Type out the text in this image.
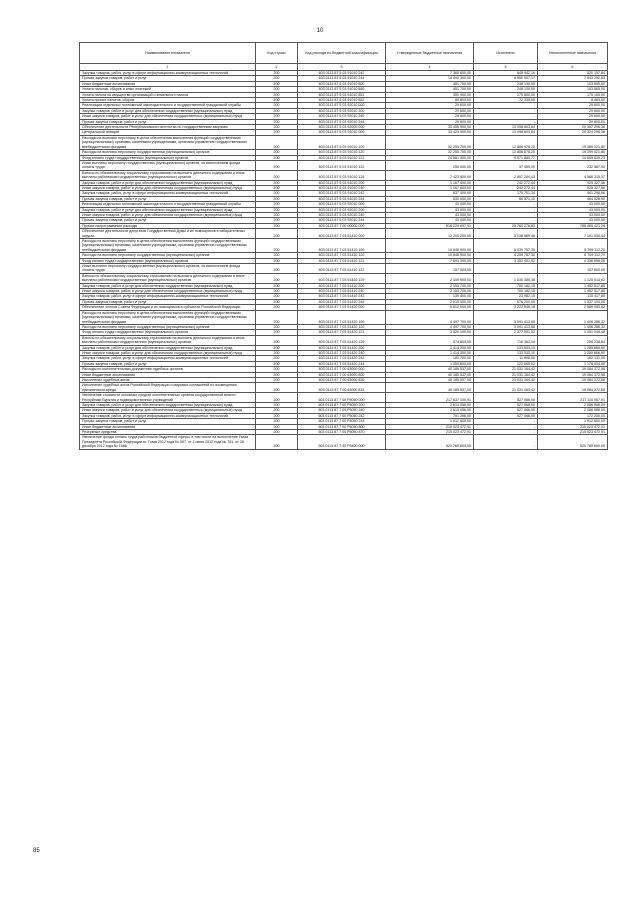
10
Наименование показателя	Код строки	Код расхода по бюджетной классификации	Утвержденные бюджетные назначения	Исполнено	Неисполненные назначения
1	2	3	4	5	6
Закупка товаров, работ, услуг в сфере информационно-коммуникационных технологий	200	603 0113 87 5 03 91010 242	7 365 600,00	845 442,16	520 157,84
Прочая закупка товаров, работ и услуг	200	603 0113 87 5 03 91010 244	14 493 300,00	6 550 007,17	7 943 292,83
Иные бюджетные ассигнования	200	603 0113 87 5 03 91010 800	451 700,00	248 130,00	103 565,00
Уплата налогов, сборов и иных платежей	200	603 0113 87 5 03 91010 850	451 700,00	248 130,00	103 565,00
Уплата налога на имущество организаций и земельного налога	200	603 0113 87 5 03 91010 851	350 900,00	175 800,00	175 100,00
Уплата прочих налогов, сборов	200	603 0113 87 5 03 91010 852	80 800,00	72 335,00	8 465,00
Реализация отдельных полномочий законодательного и государственной гражданской службы	200	603 0113 87 5 03 92010 000	29 600,00	-	29 600,00
Закупка товаров, работ и услуг для обеспечения государственных (муниципальных) нужд	200	603 0113 87 5 03 92010 200	29 600,00	-	29 600,00
Иные закупки товаров, работ и услуг для обеспечения государственных (муниципальных) нужд	200	603 0113 87 5 03 92010 240	29 600,00	-	29 600,00
Прочая закупка товаров, работ и услуг	200	603 0113 87 5 03 92010 244	29 600,00	-	29 600,00
Обеспечение деятельности Республиканского агентства по государственным закупкам	200	603 0113 87 5 03 92000 000	33 455 900,00	13 098 603,64	20 357 296,36
Центральный аппарат	200	603 0113 87 5 03 91010 000	33 423 900,00	13 098 603,64	20 324 296,36
Расходы на выплаты персоналу в целях обеспечения выполнения функций государственными (муниципальными) органами, казенными учреждениями, органами управления государственными внебюджетными фондами	200	603 0113 87 5 03 91010 100	32 255 700,00	12 866 978,20	19 389 021,80
Расходы на выплаты персоналу государственных (муниципальных) органов	200	603 0113 87 5 03 91010 120	32 255 700,00	12 856 578,20	19 399 021,80
Фонд оплаты труда государственных (муниципальных) органов	200	603 0113 87 5 03 91010 121	24 581 500,00	9 971 860,77	14 609 639,23
Иные выплаты персоналу государственных (муниципальных) органов, за исключением фонда оплаты труда	200	603 0113 87 5 03 91010 122	250 000,00	37 459,00	232 587,00
Взносы по обязательному социальному страхованию на выплаты денежного содержания и иные выплаты работникам государственных (муниципальных) органов	200	603 0113 87 5 03 91010 129	7 423 600,00	2 857 284,43	4 566 315,57
Закупка товаров, работ и услуг для обеспечения государственных (муниципальных) нужд	200	603 0113 87 5 03 91010 200	1 167 600,00	242 272,44	925 327,56
Иные закупки товаров, работ и услуг для обеспечения государственных (муниципальных) нужд	200	603 0113 87 5 03 91010 240	1 167 600,00	242 272,44	925 327,56
Закупка товаров, работ, услуг в сфере информационно-коммуникационных технологий	200	603 0113 87 5 03 91010 242	637 000,00	175 701,34	461 298,66
Прочая закупка товаров, работ и услуг	200	603 0113 87 5 03 91010 244	530 600,00	66 571,10	464 028,90
Реализация отдельных полномочий законодательного и государственной гражданской службы	200	603 0113 87 5 03 92010 000	43 000,00	-	43 000,00
Закупка товаров, работ и услуг для обеспечения государственных (муниципальных) нужд	200	603 0113 87 5 03 92010 200	43 000,00	-	43 000,00
Иные закупки товаров, работ и услуг для обеспечения государственных (муниципальных) нужд	200	603 0113 87 5 03 92010 240	43 000,00	-	43 000,00
Прочая закупка товаров, работ и услуг	200	603 0113 87 5 03 92010 244	43 000,00	-	43 000,00
Прочие непрограммные расходы	200	603 0113 87 7 00 00000 000	816 229 697,91	29 760 276,63	786 469 421,28
Обеспечение деятельности депутатов Государственной Думы и их помощников в избирательных округах	200	603 0113 87 7 03 51410 000	12 200 200,00	5 038 669,46	7 161 530,54
Расходы на выплаты персоналу в целях обеспечения выполнения функций государственными (муниципальными) органами, казенными учреждениями, органами управления государственными внебюджетными фондами	200	603 0113 87 7 03 51410 100	10 848 900,00	5 039 757,30	5 799 112,70
Расходы на выплаты персоналу государственных (муниципальных) органов	200	603 0113 87 7 03 51410 120	10 848 900,00	4 259 787,30	6 709 112,70
Фонд оплаты труда государственных (муниципальных) органов	200	603 0113 87 7 03 51410 121	7 691 300,00	3 352 401,92	4 338 898,08
Иные выплаты персоналу государственных (муниципальных) органов, за исключением фонда оплаты труда	200	603 0113 87 7 03 51410 122	157 000,00	-	157 000,00
Взносы по обязательному социальному страхованию на выплаты денежного содержания и иные выплаты работникам государственных (муниципальных) органов	200	603 0113 87 7 03 51410 129	2 150 900,00	1 030 385,38	1 120 514,62
Закупка товаров, работ и услуг для обеспечения государственных (муниципальных) нужд	200	603 0113 87 7 03 51410 200	2 153 700,00	700 182,15	1 452 517,85
Иные закупки товаров, работ и услуг для обеспечения государственных (муниципальных) нужд	200	603 0113 87 7 03 51410 240	2 153 700,00	700 182,15	1 452 517,85
Закупка товаров, работ, услуг в сфере информационно-коммуникационных технологий	200	603 0113 87 7 03 51410 242	139 400,00	23 982,15	115 417,85
Прочая закупка товаров, работ и услуг	200	603 0113 87 7 03 51410 244	2 015 300,00	676 200,00	1 337 100,00
Обеспечение членов Совета Федерации и их помощников в субъектах Российской Федерации	200	603 0113 87 7 03 51420 000	5 812 000,00	3 222 946,18	2 589 053,82
Расходы на выплаты персоналу в целях обеспечения выполнения функций государственными (муниципальными) органами, казенными учреждениями, органами управления государственными внебюджетными фондами	200	603 0113 87 7 03 51420 100	4 497 700,00	3 091 413,68	1 406 286,32
Расходы на выплаты персоналу государственных (муниципальных) органов	200	603 0113 87 7 03 51420 120	4 497 700,00	3 091 413,68	1 406 286,32
Фонд оплаты труда государственных (муниципальных) органов	200	603 0113 87 7 03 51420 121	3 520 100,00	2 377 051,52	1 151 048,48
Взносы по обязательному социальному страхованию на выплаты денежного содержания и иные выплаты работникам государственных (муниципальных) органов	200	603 0113 87 7 03 51420 129	974 600,00	716 362,16	258 238,84
Закупка товаров, работ и услуг для обеспечения государственных (муниципальных) нужд	200	603 0113 87 7 03 51420 200	1 414 300,00	133 533,10	1 280 666,90
Иные закупки товаров, работ и услуг для обеспечения государственных (муниципальных) нужд	200	603 0113 87 7 03 51420 240	1 414 300,00	133 533,10	1 280 666,90
Закупка товаров, работ, услуг в сфере информационно-коммуникационных технологий	200	603 0113 87 7 03 51420 242	183 700,00	11 598,00	162 131,00
Прочая закупка товаров, работ и услуг	200	603 0113 87 7 03 51420 244	1 300 600,00	122 065,02	1 178 534,98
Расходы по исполнительным документам судебных органов	200	603 0113 87 7 00 63000 000	40 185 537,00	21 031 164,42	19 084 372,58
Иные бюджетные ассигнования	200	603 0113 87 7 00 63000 800	40 185 537,00	21 031 164,42	19 084 372,58
Исполнение судебных актов	200	603 0113 87 7 00 63000 830	40 185 537,00	21 031 164,42	19 084 372,58
Исполнение судебных актов Российской Федерации и мировых соглашений по возмещению причиненного вреда	200	603 0113 87 7 00 63000 831	40 185 537,00	21 031 164,42	19 084 372,58
Увеличение стоимости основных средств исполнительных органов государственной власти Республики Бурятия и подведомственных учреждений	200	603 0113 87 7 00 P5050 000	217 637 100,91	527 066,00	217 110 067,91
Закупка товаров, работ и услуг для обеспечения государственных (муниципальных) нужд	200	603 0113 87 7 00 P5050 200	2 613 056,00	527 066,00	2 086 986,00
Иные закупки товаров, работ и услуг для обеспечения государственных (муниципальных) нужд	200	603 0113 87 7 00 P5050 240	2 613 056,00	527 066,00	2 086 986,00
Закупка товаров, работ, услуг в сфере информационно-коммуникационных технологий	200	603 0113 87 7 00 P5050 242	701 266,00	527 066,00	172 200,00
Прочая закупка товаров, работ и услуг	200	603 0113 87 7 00 P5050 244	1 912 600,00	-	1 912 600,00
Иные бюджетные ассигнования	200	603 0113 87 7 00 P5050 800	215 023 472,91	-	215 023 472,91
Резервные средства	200	603 0113 87 7 00 P5050 870	215 023 472,91	-	215 023 472,91
Увеличение фонда оплаты труда работников бюджетной сферы, в том числе на выполнение Указа Президента Российской Федерации от 7 мая 2012 года № 597, от 1 июня 2012 года № 761, от 28 декабря 2012 года № 1688	200	603 0113 87 7 00 P5400 000	520 769 600,00	-	520 769 600,00
85
